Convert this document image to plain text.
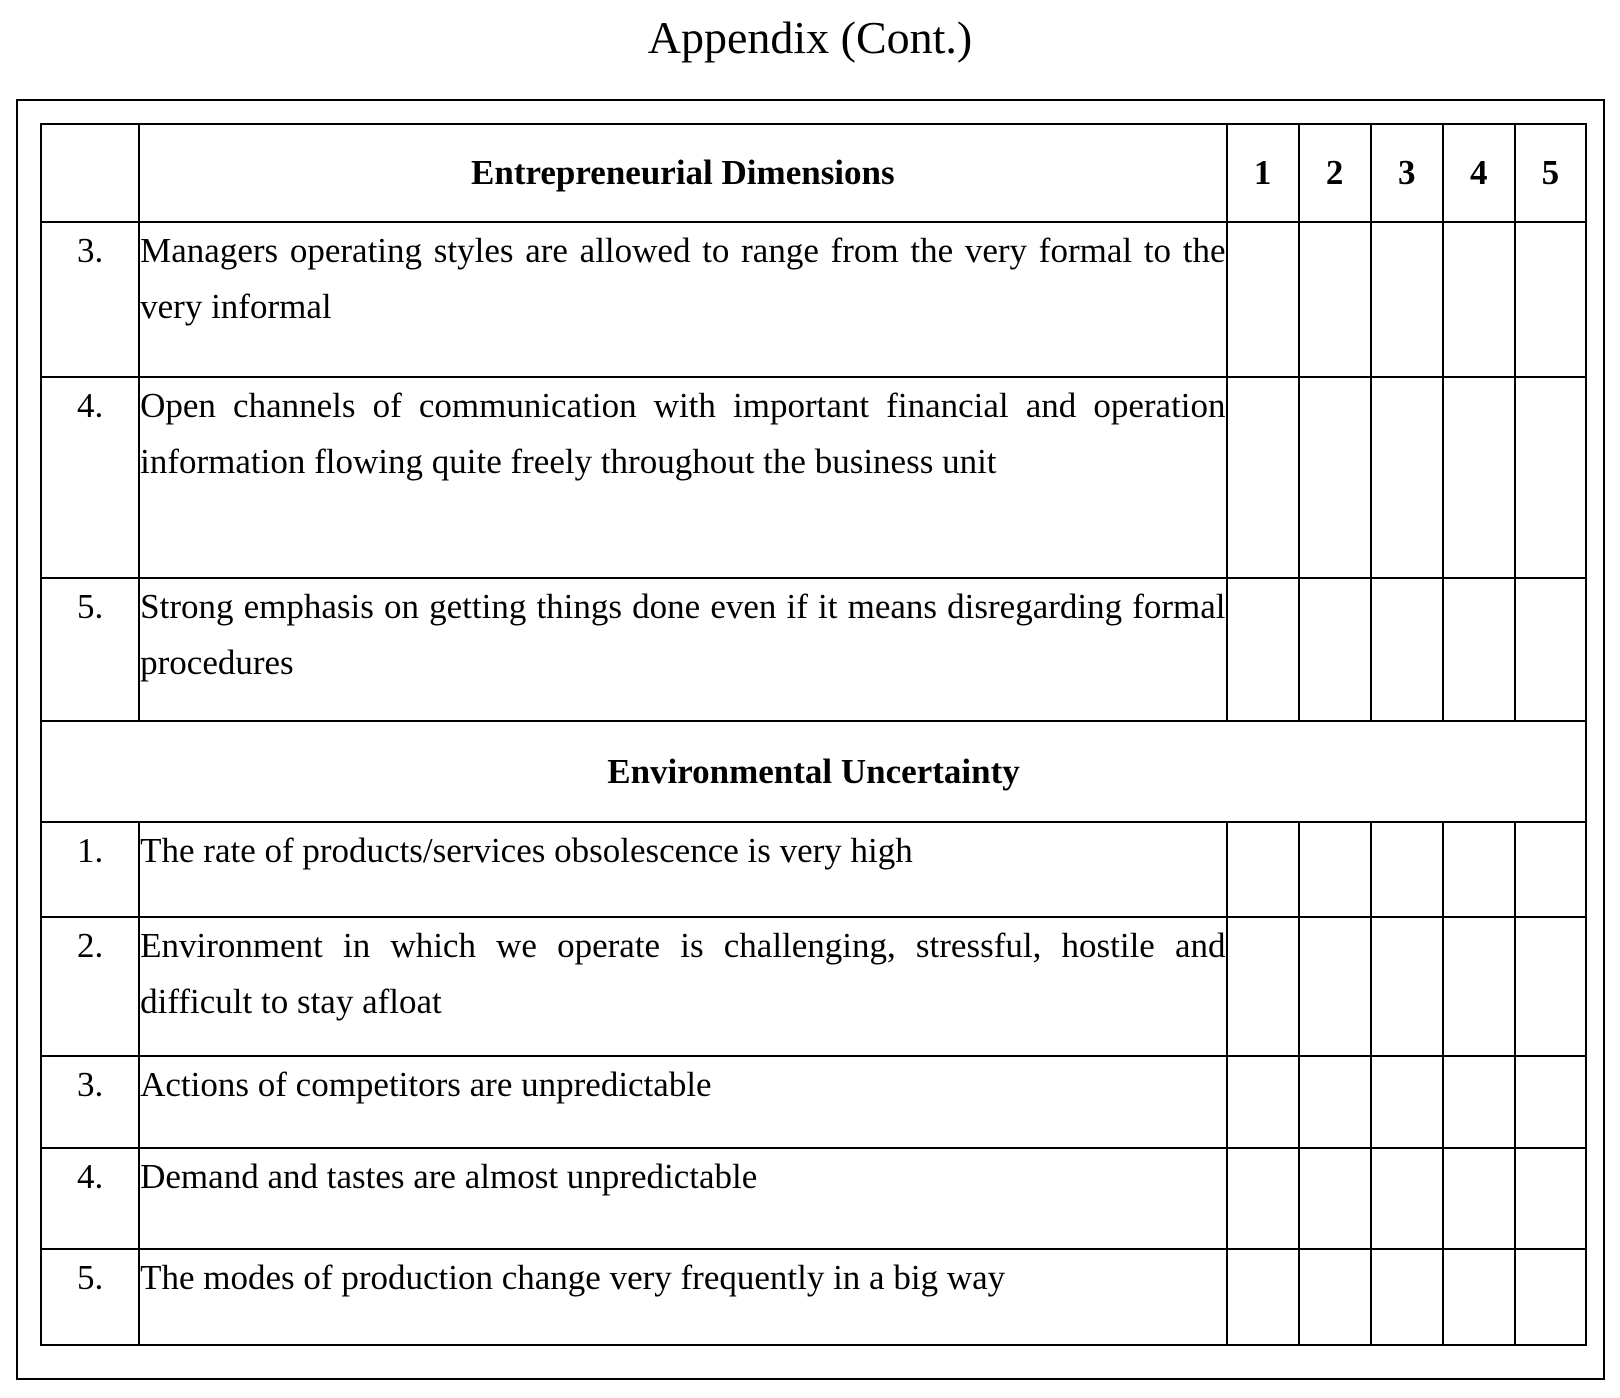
Appendix (Cont.)
	Entrepreneurial Dimensions	1	2	3	4	5
3.	Managers operating styles are allowed to range from the very formal to the very informal					
4.	Open channels of communication with important financial and operation information flowing quite freely throughout the business unit					
5.	Strong emphasis on getting things done even if it means disregarding formal procedures					
Environmental Uncertainty						
1.	The rate of products/services obsolescence is very high					
2.	Environment in which we operate is challenging, stressful, hostile and difficult to stay afloat					
3.	Actions of competitors are unpredictable					
4.	Demand and tastes are almost unpredictable					
5.	The modes of production change very frequently in a big way					
